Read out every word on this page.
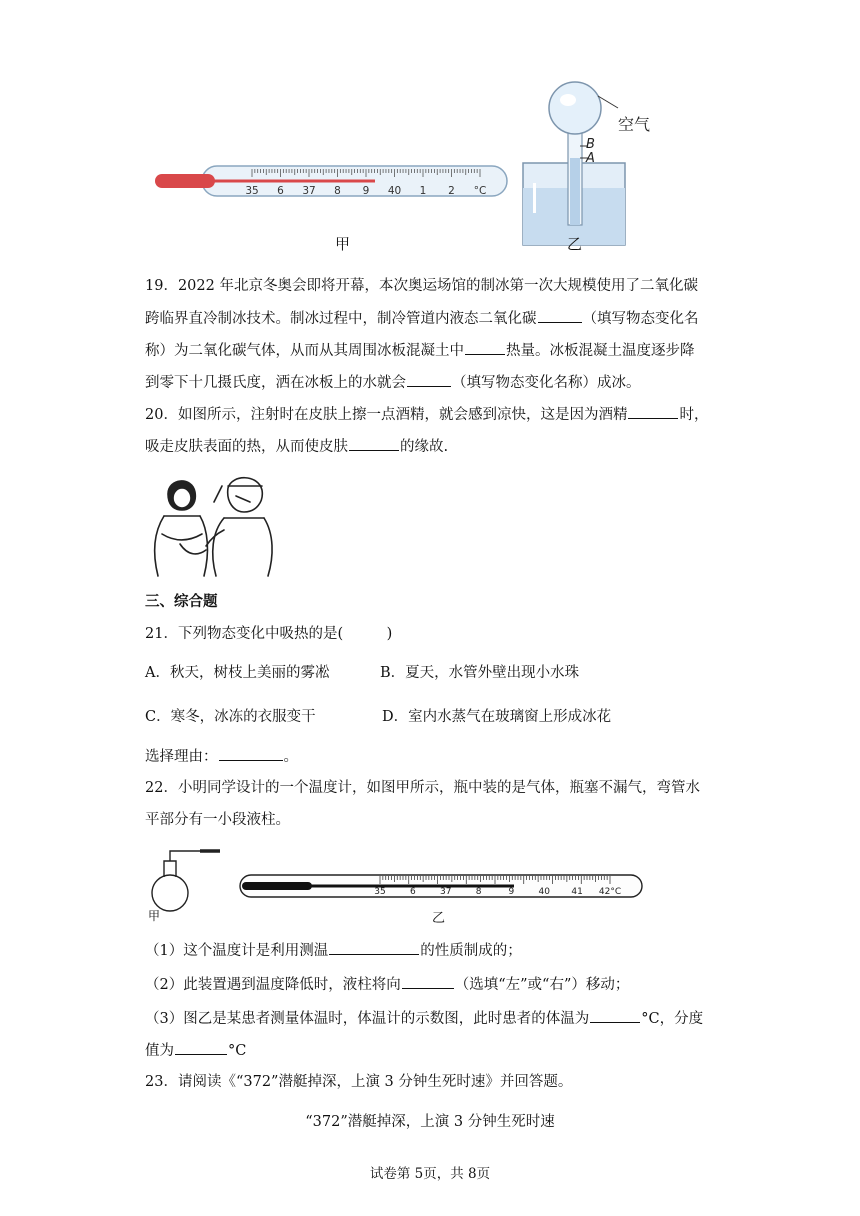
35 6 37 8 9 40 1 2 °C
空气
B
A
甲	乙
19．2022 年北京冬奥会即将开幕，本次奥运场馆的制冰第一次大规模使用了二氧化碳
跨临界直冷制冰技术。制冰过程中，制冷管道内液态二氧化碳	（填写物态变化名
称）为二氧化碳气体，从而从其周围冰板混凝土中	热量。冰板混凝土温度逐步降
到零下十几摄氏度，洒在冰板上的水就会	（填写物态变化名称）成冰。
20．如图所示，注射时在皮肤上擦一点酒精，就会感到凉快，这是因为酒精	时，
吸走皮肤表面的热，从而使皮肤	的缘故.
三、综合题
21．下列物态变化中吸热的是(　　　)
A．秋天，树枝上美丽的雾凇	B．夏天，水管外壁出现小水珠
C．寒冬，冰冻的衣服变干	D．室内水蒸气在玻璃窗上形成冰花
选择理由：	。
22．小明同学设计的一个温度计，如图甲所示，瓶中装的是气体，瓶塞不漏气，弯管水
平部分有一小段液柱。
35	6	37	8	9	40 41 42°C
甲	乙
（1）这个温度计是利用测温	的性质制成的；
（2）此装置遇到温度降低时，液柱将向	（选填“左”或“右”）移动；
（3）图乙是某患者测量体温时，体温计的示数图，此时患者的体温为	°C，分度
值为	°C
23．请阅读《“372”潜艇掉深，上演 3 分钟生死时速》并回答题。
“372”潜艇掉深，上演 3 分钟生死时速
试卷第 5页，共 8页
